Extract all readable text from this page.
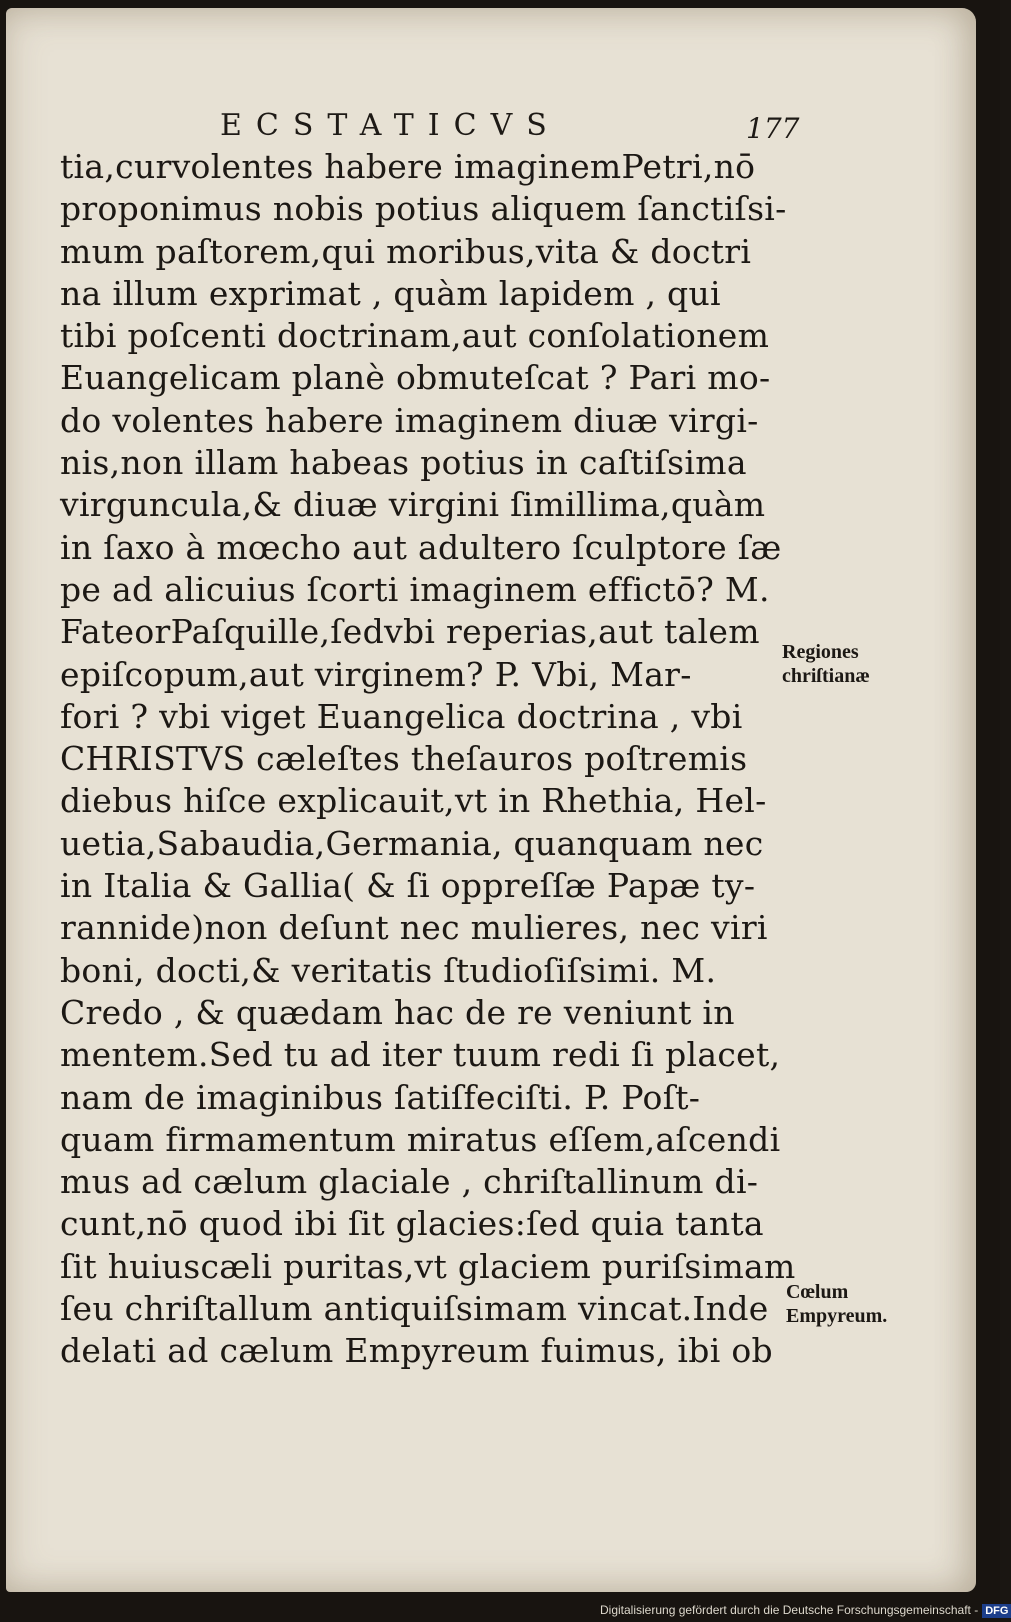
ECSTATICVS	177
tia,curvolentes habere imaginemPetri,nō
proponimus nobis potius aliquem ſanctiſsi-
mum paſtorem,qui moribus,vita & doctri
na illum exprimat , quàm lapidem , qui
tibi poſcenti doctrinam,aut conſolationem
Euangelicam planè obmuteſcat ? Pari mo-
do volentes habere imaginem diuæ virgi-
nis,non illam habeas potius in caſtiſsima
virguncula,& diuæ virgini ſimillima,quàm
in ſaxo à mœcho aut adultero ſculptore ſæ
pe ad alicuius ſcorti imaginem effictō? M.
FateorPaſquille,ſedvbi reperias,aut talem
epiſcopum,aut virginem? P. Vbi, Mar-
fori ? vbi viget Euangelica doctrina , vbi
CHRISTVS cæleſtes theſauros poſtremis
diebus hiſce explicauit,vt in Rhethia, Hel-
uetia,Sabaudia,Germania, quanquam nec
in Italia & Gallia( & ſi oppreſſæ Papæ ty-
rannide)non deſunt nec mulieres, nec viri
boni, docti,& veritatis ſtudioſiſsimi. M.
Credo , & quædam hac de re veniunt in
mentem.Sed tu ad iter tuum redi ſi placet,
nam de imaginibus ſatiſfeciſti. P. Poſt-
quam firmamentum miratus eſſem,aſcendi
mus ad cælum glaciale , chriſtallinum di-
cunt,nō quod ibi ſit glacies:ſed quia tanta
ſit huiuscæli puritas,vt glaciem puriſsimam
ſeu chriſtallum antiquiſsimam vincat.Inde
delati ad cælum Empyreum fuimus, ibi ob
Regiones chriſtianæ
Cœlum Empyreum.
Digitalisierung gefördert durch die Deutsche Forschungsgemeinschaft - DFG
